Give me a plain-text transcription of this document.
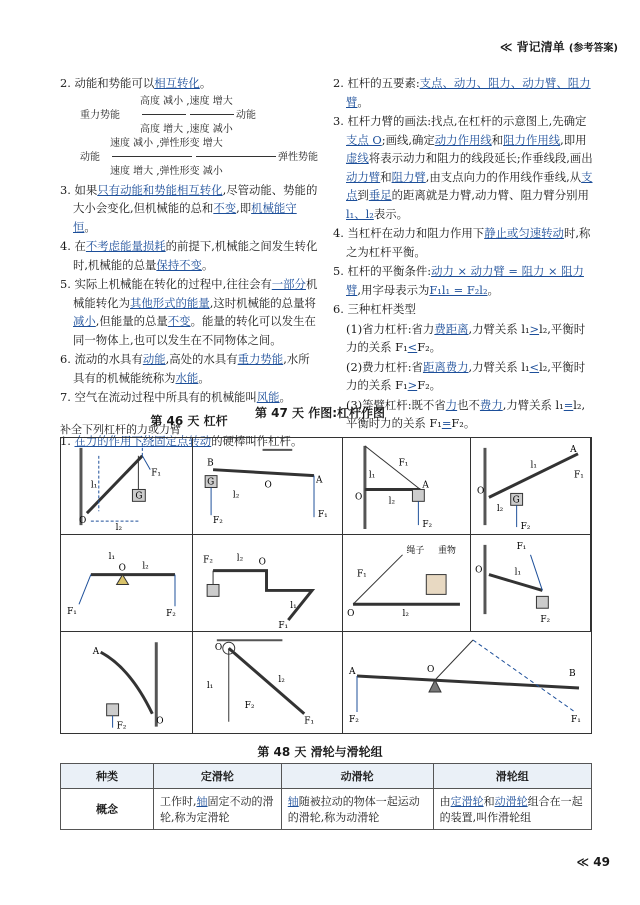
≪ 背记清单 (参考答案)

2. 动能和势能可以相互转化。

高度 减小 ,速度 增大
重力势能	动能
高度 增大 ,速度 减小
速度 减小 ,弹性形变 增大
动能	弹性势能
速度 增大 ,弹性形变 减小

3. 如果只有动能和势能相互转化,尽管动能、势能的大小会变化,但机械能的总和不变,即机械能守恒。

4. 在不考虑能量损耗的前提下,机械能之间发生转化时,机械能的总量保持不变。

5. 实际上机械能在转化的过程中,往往会有一部分机械能转化为其他形式的能量,这时机械能的总量将减小,但能量的总量不变。能量的转化可以发生在同一物体上,也可以发生在不同物体之间。

6. 流动的水具有动能,高处的水具有重力势能,水所具有的机械能统称为水能。

7. 空气在流动过程中所具有的机械能叫风能。

第 46 天 杠杆

1. 在力的作用下绕固定点转动的硬棒叫作杠杆。

2. 杠杆的五要素:支点、动力、阻力、动力臂、阻力臂。

3. 杠杆力臂的画法:找点,在杠杆的示意图上,先确定支点 O;画线,确定动力作用线和阻力作用线,即用虚线将表示动力和阻力的线段延长;作垂线段,画出动力臂和阻力臂,由支点向力的作用线作垂线,从支点到垂足的距离就是力臂,动力臂、阻力臂分别用l₁、l₂表示。

4. 当杠杆在动力和阻力作用下静止或匀速转动时,称之为杠杆平衡。

5. 杠杆的平衡条件:动力 × 动力臂 = 阻力 × 阻力臂,用字母表示为F₁l₁ = F₂l₂。

6. 三种杠杆类型

(1)省力杠杆:省力费距离,力臂关系 l₁>l₂,平衡时力的关系 F₁<F₂。

(2)费力杠杆:省距离费力,力臂关系 l₁<l₂,平衡时力的关系 F₁>F₂。

(3)等臂杠杆:既不省力也不费力,力臂关系 l₁=l₂,平衡时力的关系 F₁=F₂。

第 47 天 作图:杠杆作图
补全下列杠杆的力或力臂
G
F₁
l₁
O
l₂
B
A
O
G
F₂
F₁
l₂
F₂
F₁
l₁
l₂
A
O
O
A
F₁
G
F₂
l₂
l₁
O
F₁	F₂
l₁
l₂
F₂	O
l₂
l₁
F₁
绳子 重物
F₁
l₂
O
F₁
F₂
O	l₁
A
O
F₂
O
l₁
l₂
F₂
F₁
O
A	B
F₂	F₁
第 48 天 滑轮与滑轮组
种类	定滑轮	动滑轮	滑轮组
概念	工作时,轴固定不动的滑轮,称为定滑轮	轴随被拉动的物体一起运动的滑轮,称为动滑轮	由定滑轮和动滑轮组合在一起的装置,叫作滑轮组
≪ 49
